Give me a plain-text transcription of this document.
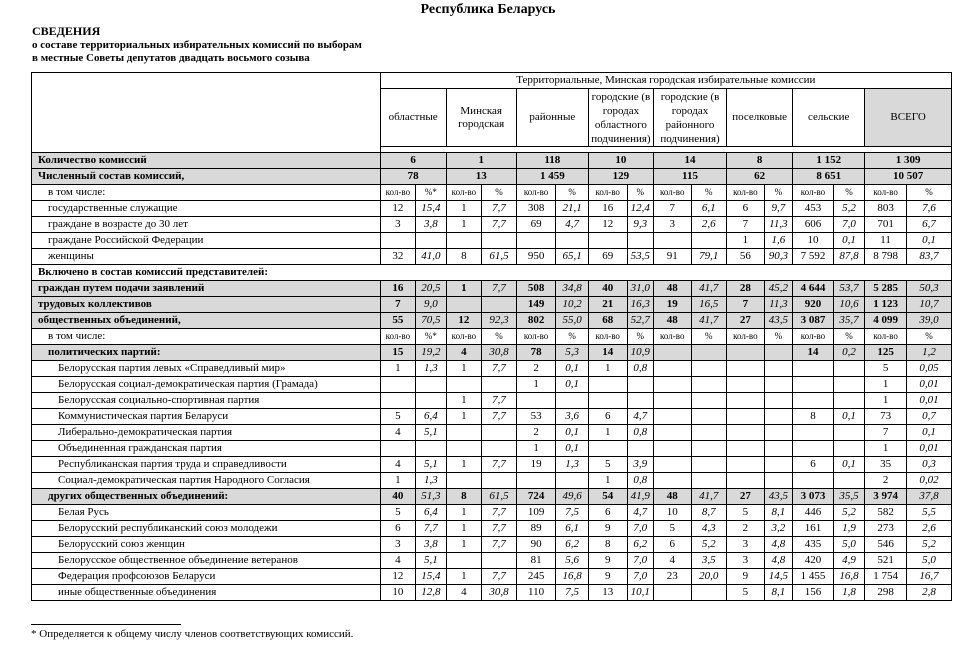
Республика Беларусь
СВЕДЕНИЯ
о составе территориальных избирательных комиссий по выборам
в местные Советы депутатов двадцать восьмого созыва
	Территориальные, Минская городская избирательные комиссии															
	областные		Минская городская		районные		городские (в городах областного подчинения)		городские (в городах районного подчинения)		поселковые		сельские		ВСЕГО	

Количество комиссий	6		1		118		10		14		8		1 152		1 309	
Численный состав комиссий,	78		13		1 459		129		115		62		8 651		10 507	
в том числе:	кол-во	%*	кол-во	%	кол-во	%	кол-во	%	кол-во	%	кол-во	%	кол-во	%	кол-во	%
государственные служащие	12	15,4	1	7,7	308	21,1	16	12,4	7	6,1	6	9,7	453	5,2	803	7,6
граждане в возрасте до 30 лет	3	3,8	1	7,7	69	4,7	12	9,3	3	2,6	7	11,3	606	7,0	701	6,7
граждане Российской Федерации											1	1,6	10	0,1	11	0,1
женщины	32	41,0	8	61,5	950	65,1	69	53,5	91	79,1	56	90,3	7 592	87,8	8 798	83,7
Включено в состав комиссий представителей:																
граждан путем подачи заявлений	16	20,5	1	7,7	508	34,8	40	31,0	48	41,7	28	45,2	4 644	53,7	5 285	50,3
трудовых коллективов	7	9,0			149	10,2	21	16,3	19	16,5	7	11,3	920	10,6	1 123	10,7
общественных объединений,	55	70,5	12	92,3	802	55,0	68	52,7	48	41,7	27	43,5	3 087	35,7	4 099	39,0
в том числе:	кол-во	%*	кол-во	%	кол-во	%	кол-во	%	кол-во	%	кол-во	%	кол-во	%	кол-во	%
политических партий:	15	19,2	4	30,8	78	5,3	14	10,9					14	0,2	125	1,2
Белорусская партия левых «Справедливый мир»	1	1,3	1	7,7	2	0,1	1	0,8							5	0,05
Белорусская социал-демократическая партия (Грамада)					1	0,1									1	0,01
Белорусская социально-спортивная партия			1	7,7											1	0,01
Коммунистическая партия Беларуси	5	6,4	1	7,7	53	3,6	6	4,7					8	0,1	73	0,7
Либерально-демократическая партия	4	5,1			2	0,1	1	0,8							7	0,1
Объединенная гражданская партия					1	0,1									1	0,01
Республиканская партия труда и справедливости	4	5,1	1	7,7	19	1,3	5	3,9					6	0,1	35	0,3
Социал-демократическая партия Народного Согласия	1	1,3					1	0,8							2	0,02
других общественных объединений:	40	51,3	8	61,5	724	49,6	54	41,9	48	41,7	27	43,5	3 073	35,5	3 974	37,8
Белая Русь	5	6,4	1	7,7	109	7,5	6	4,7	10	8,7	5	8,1	446	5,2	582	5,5
Белорусский республиканский союз молодежи	6	7,7	1	7,7	89	6,1	9	7,0	5	4,3	2	3,2	161	1,9	273	2,6
Белорусский союз женщин	3	3,8	1	7,7	90	6,2	8	6,2	6	5,2	3	4,8	435	5,0	546	5,2
Белорусское общественное объединение ветеранов	4	5,1			81	5,6	9	7,0	4	3,5	3	4,8	420	4,9	521	5,0
Федерация профсоюзов Беларуси	12	15,4	1	7,7	245	16,8	9	7,0	23	20,0	9	14,5	1 455	16,8	1 754	16,7
иные общественные объединения	10	12,8	4	30,8	110	7,5	13	10,1			5	8,1	156	1,8	298	2,8
* Определяется к общему числу членов соответствующих комиссий.
